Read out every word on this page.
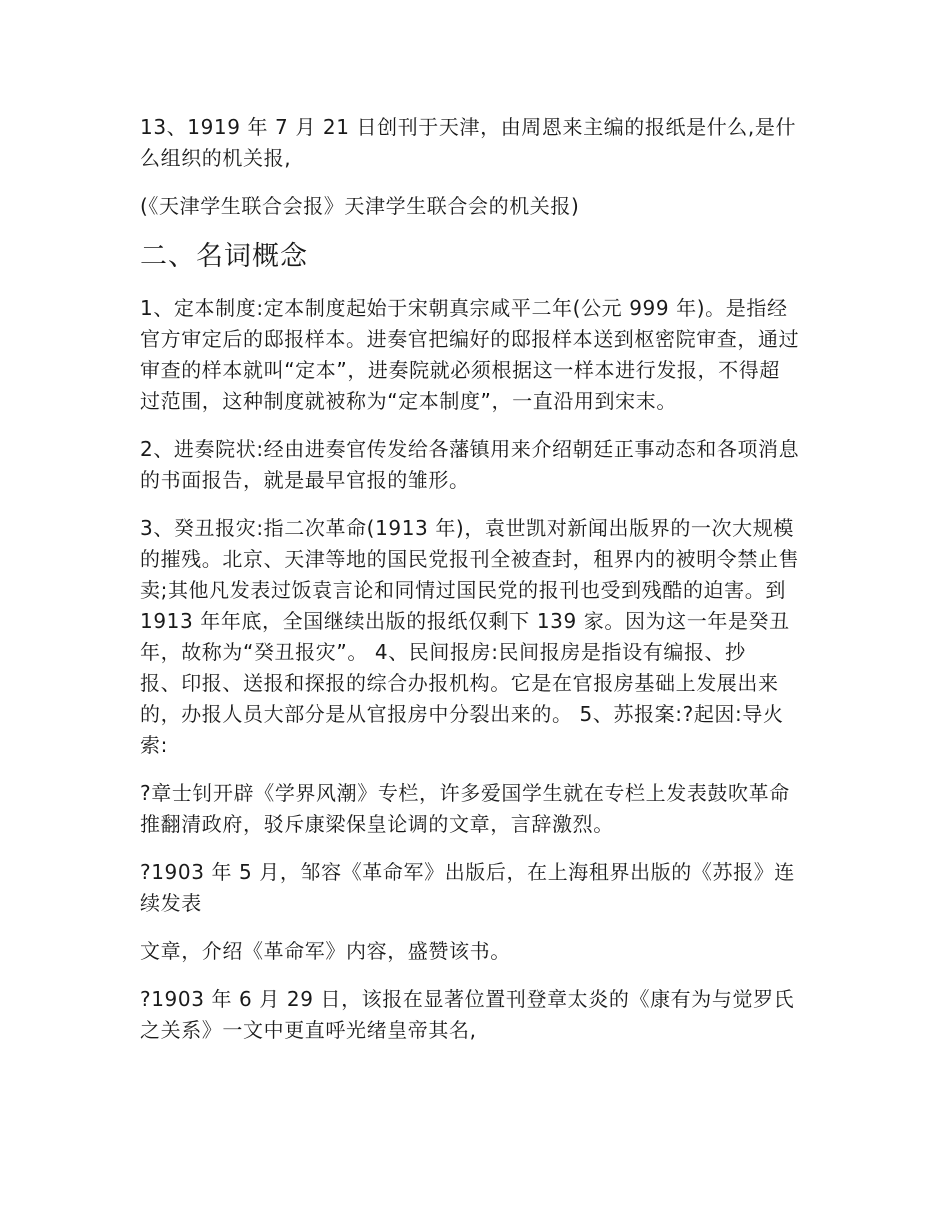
13、1919 年 7 月 21 日创刊于天津，由周恩来主编的报纸是什么,是什
么组织的机关报,

(《天津学生联合会报》天津学生联合会的机关报)

二、名词概念

1、定本制度:定本制度起始于宋朝真宗咸平二年(公元 999 年)。是指经
官方审定后的邸报样本。进奏官把编好的邸报样本送到枢密院审查，通过
审查的样本就叫“定本”，进奏院就必须根据这一样本进行发报，不得超
过范围，这种制度就被称为“定本制度”，一直沿用到宋末。

2、进奏院状:经由进奏官传发给各藩镇用来介绍朝廷正事动态和各项消息
的书面报告，就是最早官报的雏形。

3、癸丑报灾:指二次革命(1913 年)，袁世凯对新闻出版界的一次大规模
的摧残。北京、天津等地的国民党报刊全被查封，租界内的被明令禁止售
卖;其他凡发表过饭袁言论和同情过国民党的报刊也受到残酷的迫害。到
1913 年年底，全国继续出版的报纸仅剩下 139 家。因为这一年是癸丑
年，故称为“癸丑报灾”。 4、民间报房:民间报房是指设有编报、抄
报、印报、送报和探报的综合办报机构。它是在官报房基础上发展出来
的，办报人员大部分是从官报房中分裂出来的。 5、苏报案:?起因:导火
索:

?章士钊开辟《学界风潮》专栏，许多爱国学生就在专栏上发表鼓吹革命
推翻清政府，驳斥康梁保皇论调的文章，言辞激烈。

?1903 年 5 月，邹容《革命军》出版后，在上海租界出版的《苏报》连
续发表

文章，介绍《革命军》内容，盛赞该书。

?1903 年 6 月 29 日，该报在显著位置刊登章太炎的《康有为与觉罗氏
之关系》一文中更直呼光绪皇帝其名,
